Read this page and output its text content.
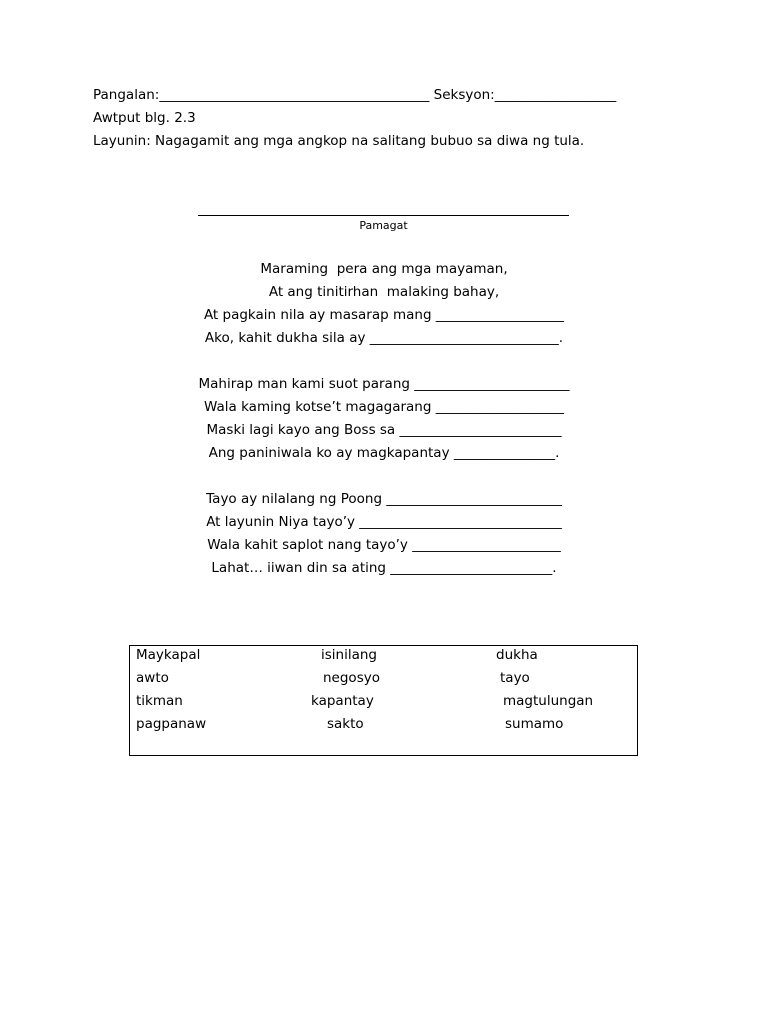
Pangalan:________________________________________ Seksyon:__________________
Awtput blg. 2.3
Layunin: Nagagamit ang mga angkop na salitang bubuo sa diwa ng tula.
Pamagat
Maraming  pera ang mga mayaman,
At ang tinitirhan  malaking bahay,
At pagkain nila ay masarap mang ___________________
Ako, kahit dukha sila ay ____________________________.
Mahirap man kami suot parang _______________________
Wala kaming kotse’t magagarang ___________________
Maski lagi kayo ang Boss sa ________________________
Ang paniniwala ko ay magkapantay _______________.
Tayo ay nilalang ng Poong __________________________
At layunin Niya tayo’y ______________________________
Wala kahit saplot nang tayo’y ______________________
Lahat… iiwan din sa ating ________________________.
Maykapal	isinilang	dukha
awto	negosyo	tayo
tikman	kapantay	magtulungan
pagpanaw	sakto	sumamo
